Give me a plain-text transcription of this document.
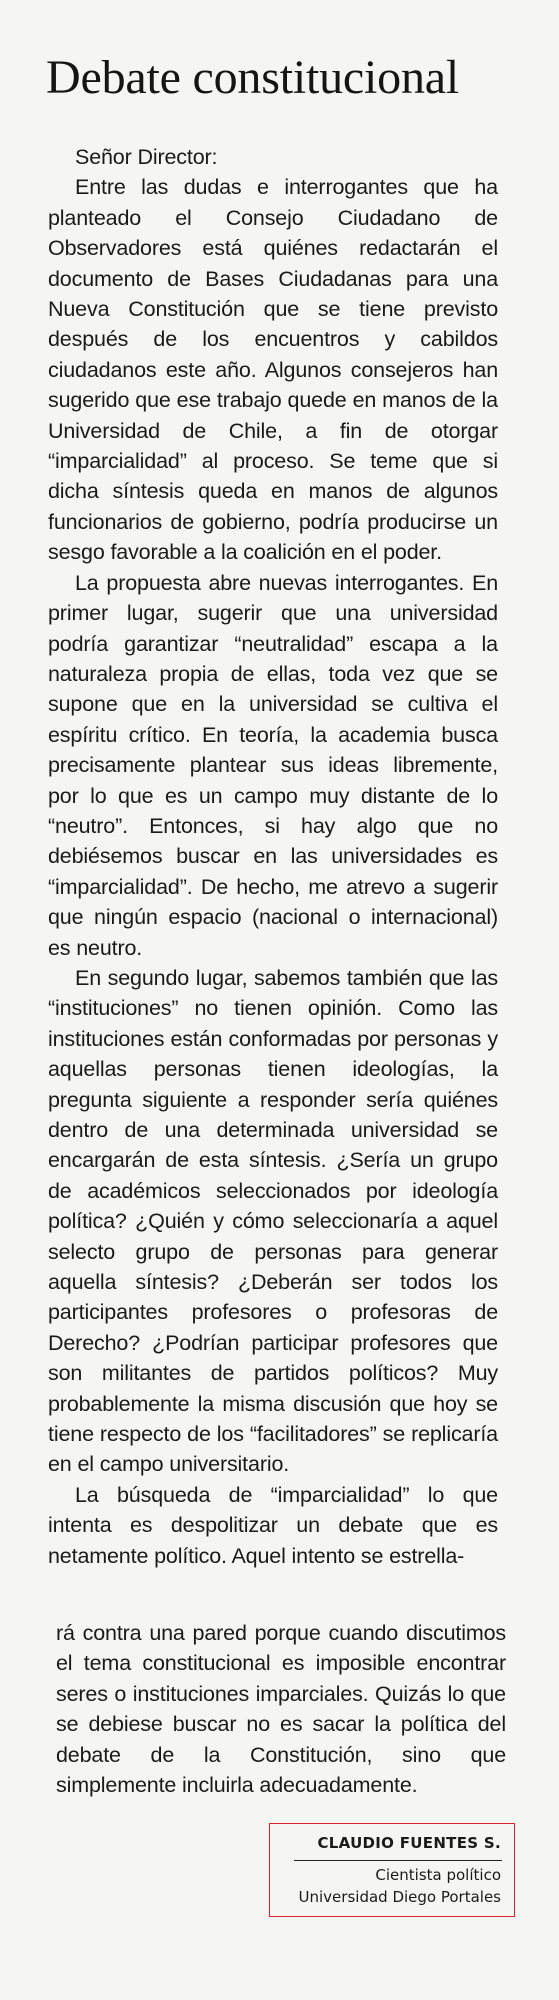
Debate constitucional

Señor Director:

Entre las dudas e interrogantes que ha planteado el Consejo Ciudadano de Observadores está quiénes redactarán el documento de Bases Ciudadanas para una Nueva Constitución que se tiene previsto después de los encuentros y cabildos ciudadanos este año. Algunos consejeros han sugerido que ese trabajo quede en manos de la Universidad de Chile, a fin de otorgar “imparcialidad” al proceso. Se teme que si dicha síntesis queda en manos de algunos funcionarios de gobierno, podría producirse un sesgo favorable a la coalición en el poder.

La propuesta abre nuevas interrogantes. En primer lugar, sugerir que una universidad podría garantizar “neutralidad” escapa a la naturaleza propia de ellas, toda vez que se supone que en la universidad se cultiva el espíritu crítico. En teoría, la academia busca precisamente plantear sus ideas libremente, por lo que es un campo muy distante de lo “neutro”. Entonces, si hay algo que no debiésemos buscar en las universidades es “imparcialidad”. De hecho, me atrevo a sugerir que ningún espacio (nacional o internacional) es neutro.

En segundo lugar, sabemos también que las “instituciones” no tienen opinión. Como las instituciones están conformadas por personas y aquellas personas tienen ideologías, la pregunta siguiente a responder sería quiénes dentro de una determinada universidad se encargarán de esta síntesis. ¿Sería un grupo de académicos seleccionados por ideología política? ¿Quién y cómo seleccionaría a aquel selecto grupo de personas para generar aquella síntesis? ¿Deberán ser todos los participantes profesores o profesoras de Derecho? ¿Podrían participar profesores que son militantes de partidos políticos? Muy probablemente la misma discusión que hoy se tiene respecto de los “facilitadores” se replicaría en el campo universitario.

La búsqueda de “imparcialidad” lo que intenta es despolitizar un debate que es netamente político. Aquel intento se estrella-

rá contra una pared porque cuando discutimos el tema constitucional es imposible encontrar seres o instituciones imparciales. Quizás lo que se debiese buscar no es sacar la política del debate de la Constitución, sino que simplemente incluirla adecuadamente.

CLAUDIO FUENTES S.
Cientista político
Universidad Diego Portales
